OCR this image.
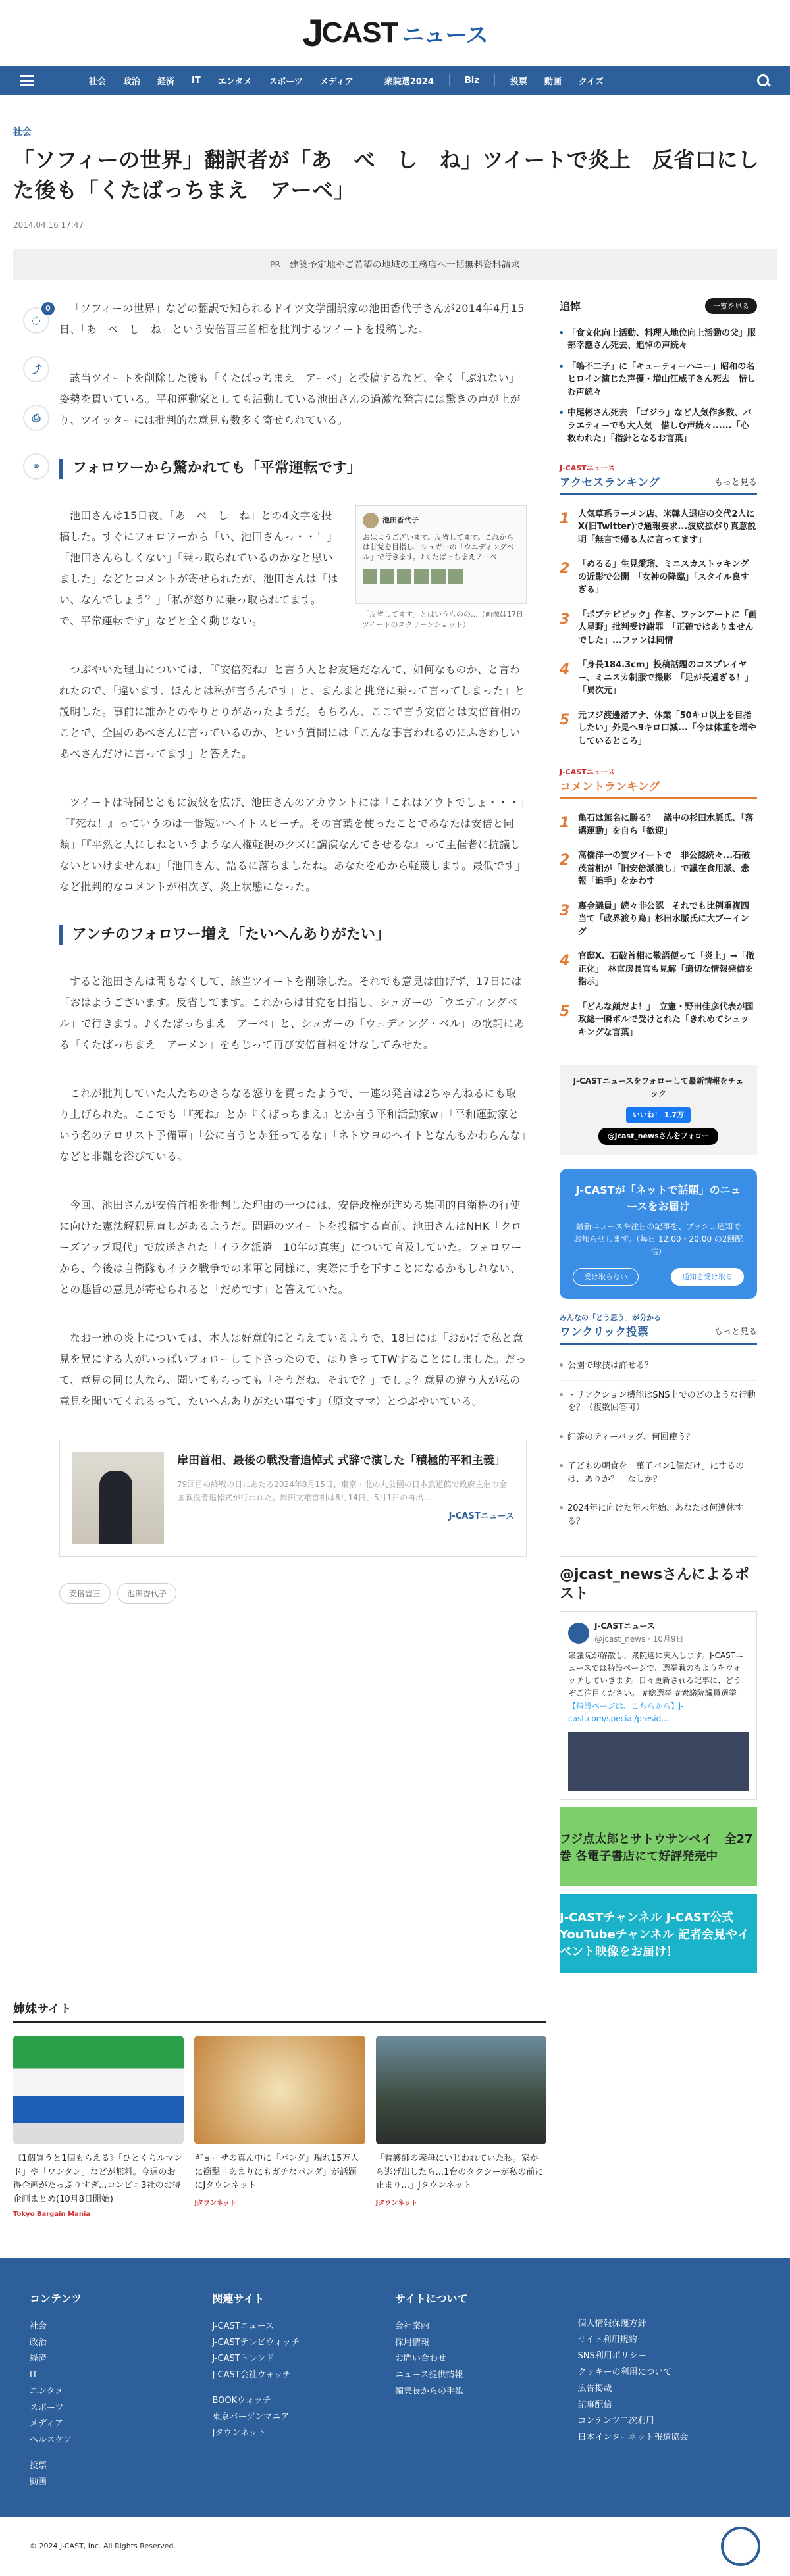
J
CAST ニュース
社会	政治	経済	IT	エンタメ	スポーツ	メディア	衆院選2024	Biz	投票	動画	クイズ
社会
「ソフィーの世界」翻訳者が「あ　べ　し　ね」ツイートで炎上　反省口にした後も「くたばっちまえ　アーベ」
2014.04.16 17:47
PR 建築予定地やご希望の地域の工務店へ一括無料資料請求
◌
0
⤴
⎙
⚭

「ソフィーの世界」などの翻訳で知られるドイツ文学翻訳家の池田香代子さんが2014年4月15日、「あ　べ　し　ね」という安倍晋三首相を批判するツイートを投稿した。

該当ツイートを削除した後も「くたばっちまえ　アーベ」と投稿するなど、全く「ぶれない」姿勢を貫いている。平和運動家としても活動している池田さんの過激な発言には驚きの声が上がり、ツイッターには批判的な意見も数多く寄せられている。

フォロワーから驚かれても「平常運転です」

池田さんは15日夜、「あ　べ　し　ね」との4文字を投稿した。すぐにフォロワーから「い、池田さんっ・・！」「池田さんらしくない」「乗っ取られているのかなと思いました」などとコメントが寄せられたが、池田さんは「はい、なんでしょう？」「私が怒りに乗っ取られてます。で、平常運転です」などと全く動じない。

池田香代子
おはようございます。反省してます。これからは甘党を目指し、シュガーの「ウエディングベル」で行きます。♪くたばっちまえアーベ
「反省してます」とはいうものの…（画像は17日ツイートのスクリーンショット）

つぶやいた理由については、「『安倍死ね』と言う人とお友達だなんて、如何なものか、と言われたので、「違います、ほんとは私が言うんです」と、まんまと挑発に乗って言ってしまった」と説明した。事前に誰かとのやりとりがあったようだ。もちろん、ここで言う安倍とは安倍首相のことで、全国のあべさんに言っているのか、という質問には「こんな事言われるのにふさわしいあべさんだけに言ってます」と答えた。

ツイートは時間とともに波紋を広げ、池田さんのアカウントには「これはアウトでしょ・・・」「『死ね！』っていうのは一番短いヘイトスピーチ。その言葉を使ったことであなたは安倍と同類」「『平然と人にしねというような人権軽視のクズに講演なんてさせるな』って主催者に抗議しないといけませんね」「池田さん、語るに落ちましたね。あなたを心から軽蔑します。最低です」など批判的なコメントが相次ぎ、炎上状態になった。

アンチのフォロワー増え「たいへんありがたい」

すると池田さんは間もなくして、該当ツイートを削除した。それでも意見は曲げず、17日には「おはようございます。反省してます。これからは甘党を目指し、シュガーの「ウエディングベル」で行きます。♪くたばっちまえ　アーベ」と、シュガーの「ウェディング・ベル」の歌詞にある「くたばっちまえ　アーメン」をもじって再び安倍首相をけなしてみせた。

これが批判していた人たちのさらなる怒りを買ったようで、一連の発言は2ちゃんねるにも取り上げられた。ここでも「『死ね』とか『くばっちまえ』とか言う平和活動家w」「平和運動家という名のテロリスト予備軍」「公に言うとか狂ってるな」「ネトウヨのヘイトとなんもかわらんな」などと非難を浴びている。

今回、池田さんが安倍首相を批判した理由の一つには、安倍政権が進める集団的自衛権の行使に向けた憲法解釈見直しがあるようだ。問題のツイートを投稿する直前、池田さんはNHK「クローズアップ現代」で放送された「イラク派遣　10年の真実」について言及していた。フォロワーから、今後は自衛隊もイラク戦争での米軍と同様に、実際に手を下すことになるかもしれない、との趣旨の意見が寄せられると「だめです」と答えていた。

なお一連の炎上については、本人は好意的にとらえているようで、18日には「おかげで私と意見を異にする人がいっぱいフォローして下さったので、はりきってTWすることにしました。だって、意見の同じ人なら、聞いてもらっても「そうだね、それで？」でしょ？意見の違う人が私の意見を聞いてくれるって、たいへんありがたい事です」（原文ママ）とつぶやいている。

岸田首相、最後の戦没者追悼式 式辞で演した「積極的平和主義」
79回目の終戦の日にあたる2024年8月15日、東京・北の丸公園の日本武道館で政府主催の全国戦没者追悼式が行われた。岸田文雄首相は8月14日、5月1日の再出…
J-CASTニュース
安倍晋三	池田香代子
追悼	一覧を見る
「食文化向上活動、料理人地位向上活動の父」服部幸應さん死去、追悼の声続々
「嶋不二子」に「キューティーハニー」昭和の名ヒロイン演じた声優・増山江威子さん死去　惜しむ声続々
中尾彬さん死去　「ゴジラ」など人気作多数、バラエティーでも大人気　惜しむ声続々......「心救われた」「指針となるお言葉」
J-CASTニュース
アクセスランキング	もっと見る
1 人気草系ラーメン店、米韓人退店の交代2人にX(旧Twitter)で通報要求...波紋拡がり真意説明「無言で帰る人に言ってます」
2 「めるる」生見愛瑠、ミニスカストッキングの近影で公開　「女神の降臨」「スタイル良すぎる」
3 「ポブテピピック」作者、ファンアートに「画人星野」批判受け謝罪　「正確ではありませんでした」...ファンは同情
4 「身長184.3cm」投稿話題のコスプレイヤー、ミニスカ制服で撮影　「足が長過ぎる！」「異次元」
5 元フジ渡邊渚アナ、休業「50キロ以上を目指したい」外見へ9キロ口減...「今は体重を増やしているところ」
J-CASTニュース
コメントランキング
1 亀石は無名に勝る？　議中の杉田水脈氏、「落選運動」を自ら「歓迎」
2 高橋洋一の質ツイートで　非公認続々...石破茂首相が「旧安倍派潰し」で議在食用派、悲報「追手」をかわす
3 裏金議員」続々非公認　それでも比例重複四当て「政界渡り鳥」杉田水脈氏に大ブーイング
4 官邸X、石破首相に敬語便って「炎上」→「撤正化」　林官房長官も見解「適切な情報発信を指示」
5 「どんな顔だよ！」　立憲・野田佳彦代表が国政総一瞬ボルで受けとれた「きれめてシュッキングな言葉」
J-CASTニュースをフォローして最新情報をチェック
いいね！ 1.7万
@jcast_newsさんをフォロー
J-CASTが「ネットで話題」のニュースをお届け
最新ニュースや注目の記事を、プッシュ通知でお知らせします。（毎日 12:00・20:00 の2回配信）
受け取らない	通知を受け取る
みんなの「どう思う」が分かる
ワンクリック投票	もっと見る
公園で球技は許せる？
・リアクション機能はSNS上でのどのような行動を？（複数回答可）
紅茶のティーバッグ、何回使う？
子どもの朝食を「菓子パン1個だけ」にするのは、ありか？　なしか？
2024年に向けた年末年始、あなたは何連休する？
@jcast_newsさんによるポスト
J-CASTニュース
@jcast_news · 10月9日
衆議院が解散し、衆院選に突入します。J-CASTニュースでは特設ページで、選挙戦のもようをウォッチしていきます。日々更新される記事に、どうぞご注目ください。 #総選挙 #衆議院議員選挙
【特設ページは、こちらから】j-cast.com/special/presid...
フジ点太郎とサトウサンペイ　全27巻 各電子書店にて好評発売中
J-CASTチャンネル J-CAST公式YouTubeチャンネル 記者会見やイベント映像をお届け！
姉妹サイト
《1個買うと1個もらえる》「ひとくちルマンド」や「ワンタン」などが無料。今週のお得企画がたっぷりすぎ...コンビニ3社のお得企画まとめ(10月8日開始)
Tokyo Bargain Mania
ギョーザの真ん中に「パンダ」現れ15万人に衝撃「あまりにもガチなパンダ」が話題にJタウンネット
Jタウンネット
「看護師の義母にいじわれていた私。家から逃げ出したら...1台のタクシーが私の前に止まり...」Jタウンネット
Jタウンネット
コンテンツ
社会
政治
経済
IT
エンタメ
スポーツ
メディア
ヘルスケア
投票
動画
関連サイト
J-CASTニュース
J-CASTテレビウォッチ
J-CASTトレンド
J-CAST会社ウォッチ
BOOKウォッチ
東京バーゲンマニア
Jタウンネット
サイトについて
会社案内
採用情報
お問い合わせ
ニュース提供情報
編集長からの手紙

個人情報保護方針
サイト利用規約
SNS利用ポリシー
クッキーの利用について
広告掲載
記事配信
コンテンツ二次利用
日本インターネット報道協会
© 2024 J-CAST, Inc. All Rights Reserved.
